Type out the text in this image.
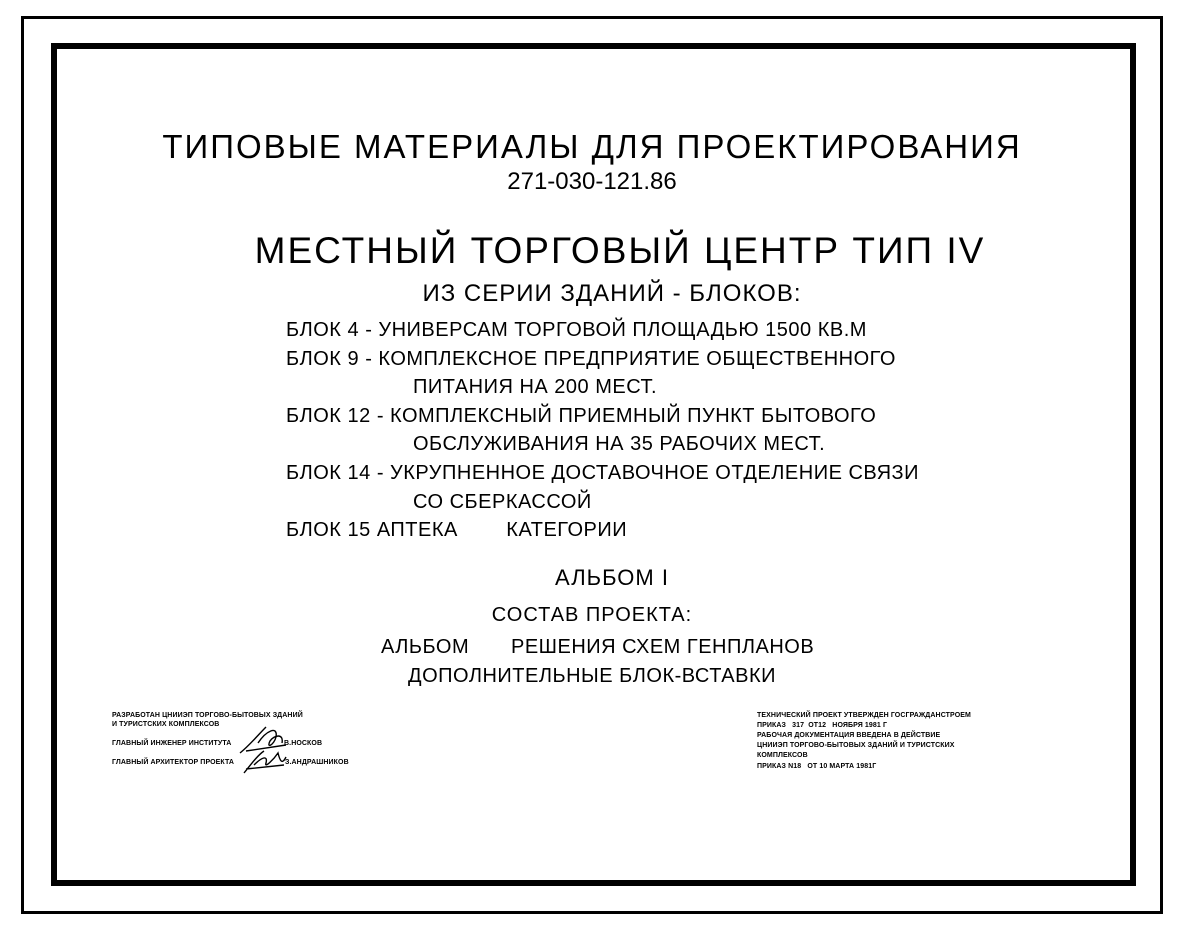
ТИПОВЫЕ МАТЕРИАЛЫ ДЛЯ ПРОЕКТИРОВАНИЯ
271-030-121.86
МЕСТНЫЙ ТОРГОВЫЙ ЦЕНТР ТИП IV
ИЗ СЕРИИ ЗДАНИЙ - БЛОКОВ:
БЛОК 4 - УНИВЕРСАМ ТОРГОВОЙ ПЛОЩАДЬЮ 1500 КВ.М
БЛОК 9 - КОМПЛЕКСНОЕ ПРЕДПРИЯТИЕ ОБЩЕСТВЕННОГО
ПИТАНИЯ НА 200 МЕСТ.
БЛОК 12 - КОМПЛЕКСНЫЙ ПРИЕМНЫЙ ПУНКТ БЫТОВОГО
ОБСЛУЖИВАНИЯ НА 35 РАБОЧИХ МЕСТ.
БЛОК 14 - УКРУПНЕННОЕ ДОСТАВОЧНОЕ ОТДЕЛЕНИЕ СВЯЗИ
СО СБЕРКАССОЙ
БЛОК 15 АПТЕКА        КАТЕГОРИИ
АЛЬБОМ I
СОСТАВ ПРОЕКТА:
АЛЬБОМ РЕШЕНИЯ СХЕМ ГЕНПЛАНОВ
ДОПОЛНИТЕЛЬНЫЕ БЛОК-ВСТАВКИ
РАЗРАБОТАН ЦНИИЭП ТОРГОВО-БЫТОВЫХ ЗДАНИЙ
И ТУРИСТСКИХ КОМПЛЕКСОВ
ГЛАВНЫЙ ИНЖЕНЕР ИНСТИТУТА	В.НОСКОВ
ГЛАВНЫЙ АРХИТЕКТОР ПРОЕКТА	З.АНДРАШНИКОВ
ТЕХНИЧЕСКИЙ ПРОЕКТ УТВЕРЖДЕН ГОСГРАЖДАНСТРОЕМ
ПРИКАЗ   317  ОТ12   НОЯБРЯ 1981 Г
РАБОЧАЯ ДОКУМЕНТАЦИЯ ВВЕДЕНА В ДЕЙСТВИЕ
ЦНИИЭП ТОРГОВО-БЫТОВЫХ ЗДАНИЙ И ТУРИСТСКИХ
КОМПЛЕКСОВ
ПРИКАЗ N18   ОТ 10 МАРТА 1981Г
